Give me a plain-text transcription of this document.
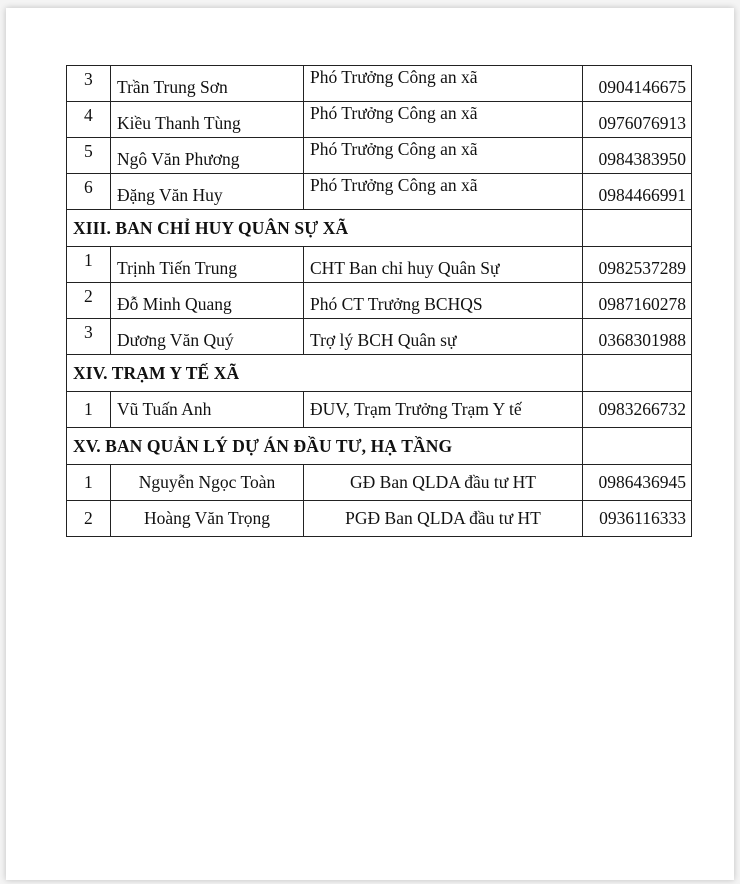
3	Trần Trung Sơn	Phó Trưởng Công an xã	0904146675
4	Kiều Thanh Tùng	Phó Trưởng Công an xã	0976076913
5	Ngô Văn Phương	Phó Trưởng Công an xã	0984383950
6	Đặng Văn Huy	Phó Trưởng Công an xã	0984466991
XIII. BAN CHỈ HUY QUÂN SỰ XÃ			
1	Trịnh Tiến Trung	CHT Ban chỉ huy Quân Sự	0982537289
2	Đỗ Minh Quang	Phó CT Trưởng BCHQS	0987160278
3	Dương Văn Quý	Trợ lý BCH Quân sự	0368301988
XIV. TRẠM Y TẾ XÃ			
1	Vũ Tuấn Anh	ĐUV, Trạm Trưởng Trạm Y tế	0983266732
XV. BAN QUẢN LÝ DỰ ÁN ĐẦU TƯ, HẠ TẦNG			
1	Nguyễn Ngọc Toàn	GĐ Ban QLDA đầu tư HT	0986436945
2	Hoàng Văn Trọng	PGĐ Ban QLDA đầu tư HT	0936116333
